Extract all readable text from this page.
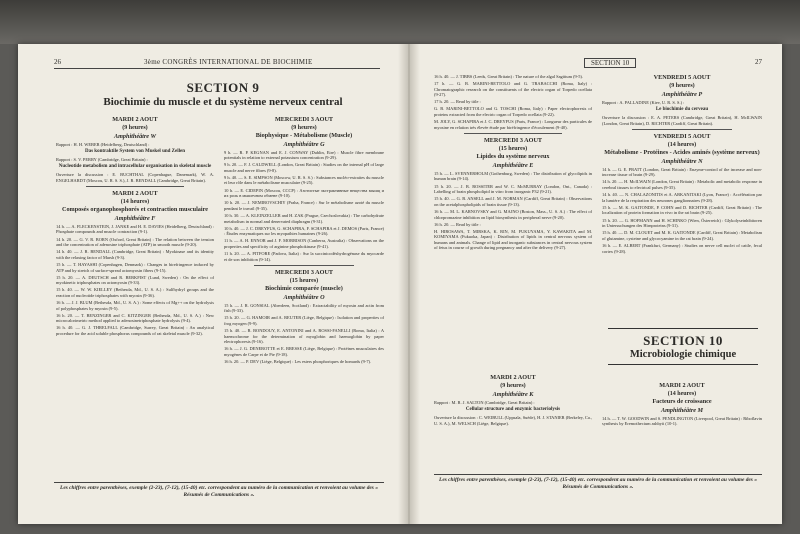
26	3ème CONGRÈS INTERNATIONAL DE BIOCHIMIE
SECTION 9
Biochimie du muscle et du système nerveux central
MARDI 2 AOUT
(9 heures)
Amphithéâtre W

Rapport : H. H. WEBER (Heidelberg, Deutschland) :

Das kontraktile System von Muskel und Zellen

Rapport : S. V. PERRY (Cambridge, Great Britain) :

Nucleotide metabolism and intracellular organisation in skeletal muscle

Ouverture la discussion : E. BUCHTHAL (Copenhague, Danemark), W. A. ENGELHARDT (Moscou, U. R. S. S.), J. R. BENDALL (Cambridge, Great Britain).

MARDI 2 AOUT
(14 heures)
Composés organophosphorés et contraction musculaire
Amphithéâtre F

14 h. — A. FLECKENSTEIN, J. JANKE and H. E. DAVIES (Heidelberg, Deutschland) : Phosphate compounds and muscle contraction (9-1).

14 h. 20. — G. V. R. BORN (Oxford, Great Britain) : The relation between the tension and the concentration of adenosine triphosphate (ATP) in smooth muscle (9-20).

14 h. 40. — J. R. BENDALL (Cambridge, Great Britain) : Myokinase and its identity with the relaxing factor of Marsh (9-3).

15 h. — T. HAYASHI (Copenhagen, Denmark) : Changes in birefringence induced by ATP and by stretch of surface-spread actomyosin fibers (9-15).

15 h. 20. — A. DEUTSCH and R. BERKFIST (Lund, Sweden) : On the effect of myokinetic triphosphates on actomyosin (9-33).

15 h. 40. — W. W. KIELLEY (Bethesda, Md., U. S. A.) : Sulfhydryl groups and the reaction of nucleotide triphosphates with myosin (9-36).

16 h. — J. J. BLUM (Bethesda, Md., U. S. A.) : Some effects of Mg++ on the hydrolysis of polyphosphates by myosin (9-5).

16 h. 20. — T. BENZINGER and C. KITZINGER (Bethesda, Md., U. S. A.) : New microcalorimetric method applied to adenosinetriphosphate hydrolysis (9-4).

16 h. 40. — G. J. THRELFALL (Cambridge, Surrey, Great Britain) : An analytical procedure for the acid soluble phosphorus compounds of rat skeletal muscle (9-32).

MERCREDI 3 AOUT
(9 heures)
Biophysique - Métabolisme (Muscle)
Amphithéâtre G

9 h. — R. P. KEGNAN and E. J. CONWAY (Dublin, Eire) : Muscle fibre membrane potentials in relation to external potassium concentration (9-29).

9 h. 20. — F. J. CALDWELL (London, Great Britain) : Studies on the internal pH of large muscle and nerve fibres (9-8).

9 h. 40. — S. E. SIMPSON (Moscow, U. R. S. S.) : Substances nucléo-extraites du muscle et leur rôle dans le métabolisme musculaire (9-25).

10 h. — E. CIDEPIN (Moscou, CCCP) : Азотистые экстрактивные вещества мышц и их роль в мышечном обмене (9-10).

10 h. 20. — J. NEMIROVSCHIY (Praha, France) : Sur le métabolisme azoté du muscle pendant le travail (9-35).

10 h. 30. — A. KLEINZELLER and H. ZAK (Prague, Czechoslovakia) : The carbohydrate metabolism in normal and denervated diaphragm (9-31).

10 h. 40. — J. C. DREYFUS, G. SCHAPIRA, F. SCHAPIRA et J. DEMOS (Paris, France) : Études enzymatiques sur les myopathies humaines (9-26).

11 h. — A. H. ENNOR and J. F. MORRISON (Canberra, Australia) : Observations on the properties and specificity of arginine phosphokinase (9-41).

11 h. 20. — A. PITFORE (Padova, Italia) : Sur la succinicodéshydrogénase du myocarde et de son inhibition (9-14).

MERCREDI 3 AOUT
(15 heures)
Biochimie comparée (muscle)
Amphithéâtre O

15 h. — J. R. GONSIAL (Aberdeen, Scotland) : Extractability of myosin and actin from fish (9-33).

15 h. 20. — G. HAMOIR and A. REUTER (Liège, Belgique) : Isolation and properties of frog myogen (9-9).

15 h. 40. — R. BONDOUY, E. ANTONINI and A. ROSSI-FANELLI (Roma, Italia) : A haemochrome for the determination of myoglobin and haemoglobin by paper electrophoresis (9-16).

16 h. — J. G. DENEROTTE et E. BRESSE (Liège, Belgique) : Protéines musculaires des myogènes de Carpe et de Pie (9-18).

16 h. 20. — P. DEV (Liège, Belgique) : Les esters phosphoriques de homards (9-7).

Les chiffres entre parenthèses, exemple (2-23), (7-12), (15-40) etc. correspondent au numéro de la communication et renvoient au volume des « Résumés de Communications ».
SECTION 10	27

16 h. 40. — J. TIBBS (Leeds, Great Britain) : The nature of the algal Sagittum (9-5).

17 h. — G. B. MARINI-BETTOLO and G. TRABACCHI (Roma, Italy) : Chromatographic research on the constituents of the electric organ of Torpedo ocellata (9-27).

17 h. 20. — Read by title :

G. B. MARINI-BETTOLO and G. TOSCHI (Roma, Italy) : Paper electrophoresis of proteins extracted from the electric organ of Torpedo ocellata (9-22).

M. JOLY, G. SCHAPIRA et J. C. DREYFUS (Paris, France) : Longueur des particules de myosine en relation très élevée étude par biréfringence d'écoulement (9-40).

MERCREDI 3 AOUT
(15 heures)
Lipides du système nerveux
Amphithéâtre E

15 h. — L. SVENNERHOLM (Gothenburg, Sweden) : The distribution of glycolipids in human brain (9-14).

15 h. 20. — J. B. ROSSITER and W. C. McMURRAY (London, Ont., Canada) : Labelling of brain phospholipid in vitro from inorganic P32 (9-21).

15 h. 40. — G. B. ANSELL and J. M. NORMAN (Cardiff, Great Britain) : Observations on the acetalphospholipids of brain tissue (9-13).

16 h. — M. L. KARNOVSKY and G. MAJNO (Boston, Mass., U. S. A.) : The effect of chlorpromazine inhibition on lipid biosynthesis in peripheral nerve (9-20).

16 h. 20. — Read by title :

H. HIROSAWA, T. MIRSKA, K. RIN, M. FUKUYAMA, Y. KAWAKITA and M. KOMIYAMA (Fukuoka, Japan) : Distribution of lipids in central nervous system of humans and animals. Change of lipid and inorganic substances in central nervous system of fetus in course of growth during pregnancy and after the delivery (9-27).

VENDREDI 5 AOUT
(9 heures)
Amphithéâtre P

Rapport : A. PALLADINE (Kiev, U. R. S. S.) :

Le biochimie du cerveau

Ouverture la discussion : E. A. PETERS (Cambridge, Great Britain), H. McILWAIN (London, Great Britain), D. RICHTER (Cardiff, Great Britain).

VENDREDI 5 AOUT
(14 heures)
Métabolisme - Protéines - Acides aminés (système nerveux)
Amphithéâtre N

14 h. — G. E. PRATT (London, Great Britain) : Enzyme-control of the increase and non-increase tissue of brain (9-29).

14 h. 20. — H. McILWAIN (London, Great Britain) : Metabolic and metabolic response in cerebral tissues to electrical pulses (9-35).

14 h. 40. — N. CHALAZONITIS et A. ARKANITAKI (Lyon, France) : Accélération par la lumière de la respiration des neurones ganglionnaires (9-28).

15 h. — M. K. GAITONDE, P. COHN and D. RICHTER (Cardiff, Great Britain) : The localization of protein formation in vivo in the rat brain (9-25).

15 h. 20. — G. HOFMANN and H. SCHINKO (Wien, Österreich) : Glykolyseinhibitoren in Untersuchungen des Hirnproteins (9-31).

15 h. 40. — D. M. CLOUET and M. K. GAITONDE (Cardiff, Great Britain) : Metabolism of glutamine, cysteine and glycocyamine in the rat brain (9-24).

16 h. — E. ALBERT (Frankfurt, Germany) : Studies on nerve cell nuclei of cattle, fecal cortex (9-28).

SECTION 10
Microbiologie chimique
MARDI 2 AOUT
(9 heures)
Amphithéâtre K

Rapport : M. R. J. SALTON (Cambridge, Great Britain) :

Cellular structure and enzymic bacteriolysis

Ouverture la discussion : C. WEIBULL (Uppsala, Suède), H. J. STANIER (Berkeley, Ca., U. S. A.), M. WELSCH (Liège, Belgique).

MARDI 2 AOUT
(14 heures)
Facteurs de croissance
Amphithéâtre M

14 h. — T. W. GOODWIN and S. PENDLINGTON (Liverpool, Great Britain) : Riboflavin synthesis by Eremothecium ashbyii (10-1).

Les chiffres entre parenthèses, exemple (2-23), (7-12), (15-40) etc. correspondent au numéro de la communication et renvoient au volume des « Résumés de Communications ».
